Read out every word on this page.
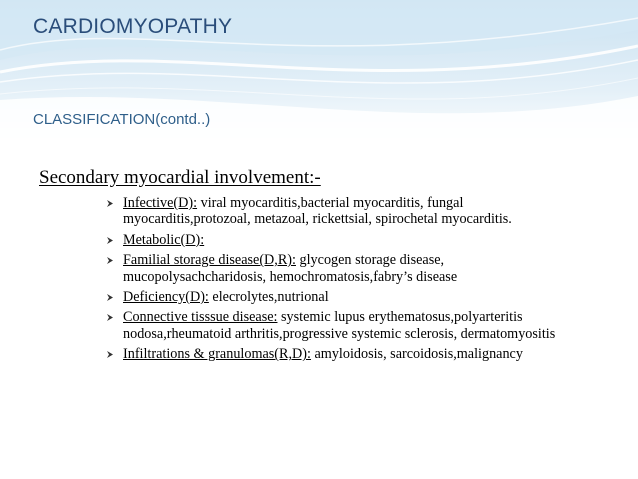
CARDIOMYOPATHY
CLASSIFICATION(contd..)
Secondary myocardial involvement:-
Infective(D): viral myocarditis,bacterial myocarditis, fungal myocarditis,protozoal, metazoal, rickettsial, spirochetal myocarditis.
Metabolic(D):
Familial storage disease(D,R): glycogen storage disease, mucopolysachcharidosis, hemochromatosis,fabry’s disease
Deficiency(D): elecrolytes,nutrional
Connective tisssue disease: systemic lupus erythematosus,polyarteritis nodosa,rheumatoid arthritis,progressive systemic sclerosis, dermatomyositis
Infiltrations & granulomas(R,D): amyloidosis, sarcoidosis,malignancy
